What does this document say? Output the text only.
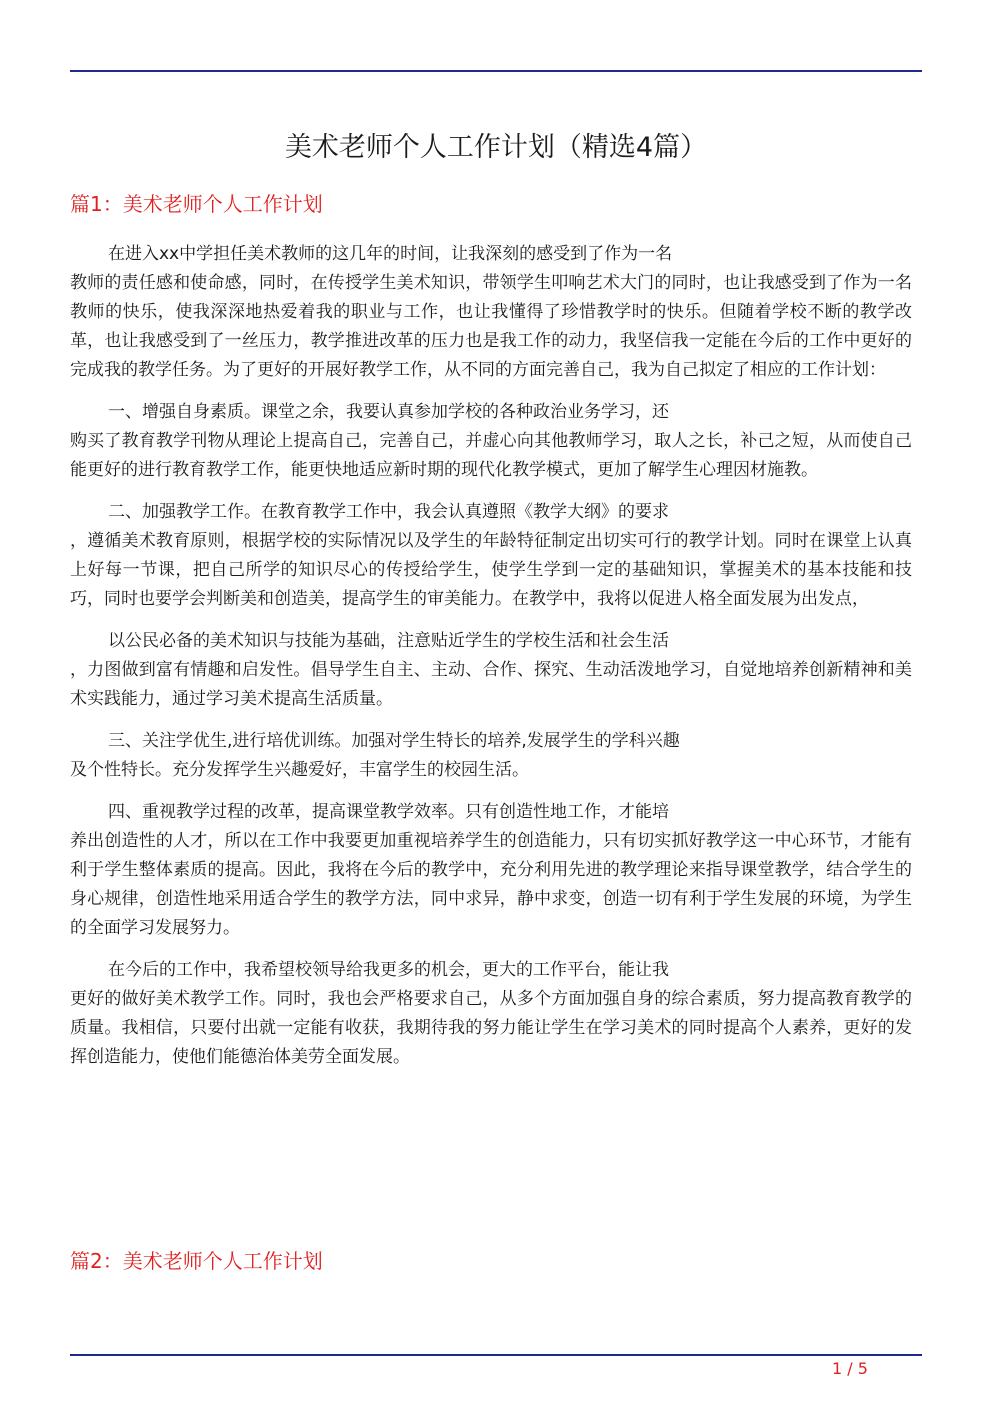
美术老师个人工作计划（精选4篇）
篇1：美术老师个人工作计划

在进入xx中学担任美术教师的这几年的时间，让我深刻的感受到了作为一名
教师的责任感和使命感，同时，在传授学生美术知识，带领学生叩响艺术大门的同时，也让我感受到了作为一名教师的快乐，使我深深地热爱着我的职业与工作，也让我懂得了珍惜教学时的快乐。但随着学校不断的教学改革，也让我感受到了一丝压力，教学推进改革的压力也是我工作的动力，我坚信我一定能在今后的工作中更好的完成我的教学任务。为了更好的开展好教学工作，从不同的方面完善自己，我为自己拟定了相应的工作计划：

一、增强自身素质。课堂之余，我要认真参加学校的各种政治业务学习，还
购买了教育教学刊物从理论上提高自己，完善自己，并虚心向其他教师学习，取人之长，补己之短，从而使自己能更好的进行教育教学工作，能更快地适应新时期的现代化教学模式，更加了解学生心理因材施教。

二、加强教学工作。在教育教学工作中，我会认真遵照《教学大纲》的要求
，遵循美术教育原则，根据学校的实际情况以及学生的年龄特征制定出切实可行的教学计划。同时在课堂上认真上好每一节课，把自己所学的知识尽心的传授给学生，使学生学到一定的基础知识，掌握美术的基本技能和技巧，同时也要学会判断美和创造美，提高学生的审美能力。在教学中，我将以促进人格全面发展为出发点，

以公民必备的美术知识与技能为基础，注意贴近学生的学校生活和社会生活
，力图做到富有情趣和启发性。倡导学生自主、主动、合作、探究、生动活泼地学习，自觉地培养创新精神和美术实践能力，通过学习美术提高生活质量。

三、关注学优生,进行培优训练。加强对学生特长的培养,发展学生的学科兴趣
及个性特长。充分发挥学生兴趣爱好，丰富学生的校园生活。

四、重视教学过程的改革，提高课堂教学效率。只有创造性地工作，才能培
养出创造性的人才，所以在工作中我要更加重视培养学生的创造能力，只有切实抓好教学这一中心环节，才能有利于学生整体素质的提高。因此，我将在今后的教学中，充分利用先进的教学理论来指导课堂教学，结合学生的身心规律，创造性地采用适合学生的教学方法，同中求异，静中求变，创造一切有利于学生发展的环境，为学生的全面学习发展努力。

在今后的工作中，我希望校领导给我更多的机会，更大的工作平台，能让我
更好的做好美术教学工作。同时，我也会严格要求自己，从多个方面加强自身的综合素质，努力提高教育教学的质量。我相信，只要付出就一定能有收获，我期待我的努力能让学生在学习美术的同时提高个人素养，更好的发挥创造能力，使他们能德治体美劳全面发展。

篇2：美术老师个人工作计划
1 / 5
